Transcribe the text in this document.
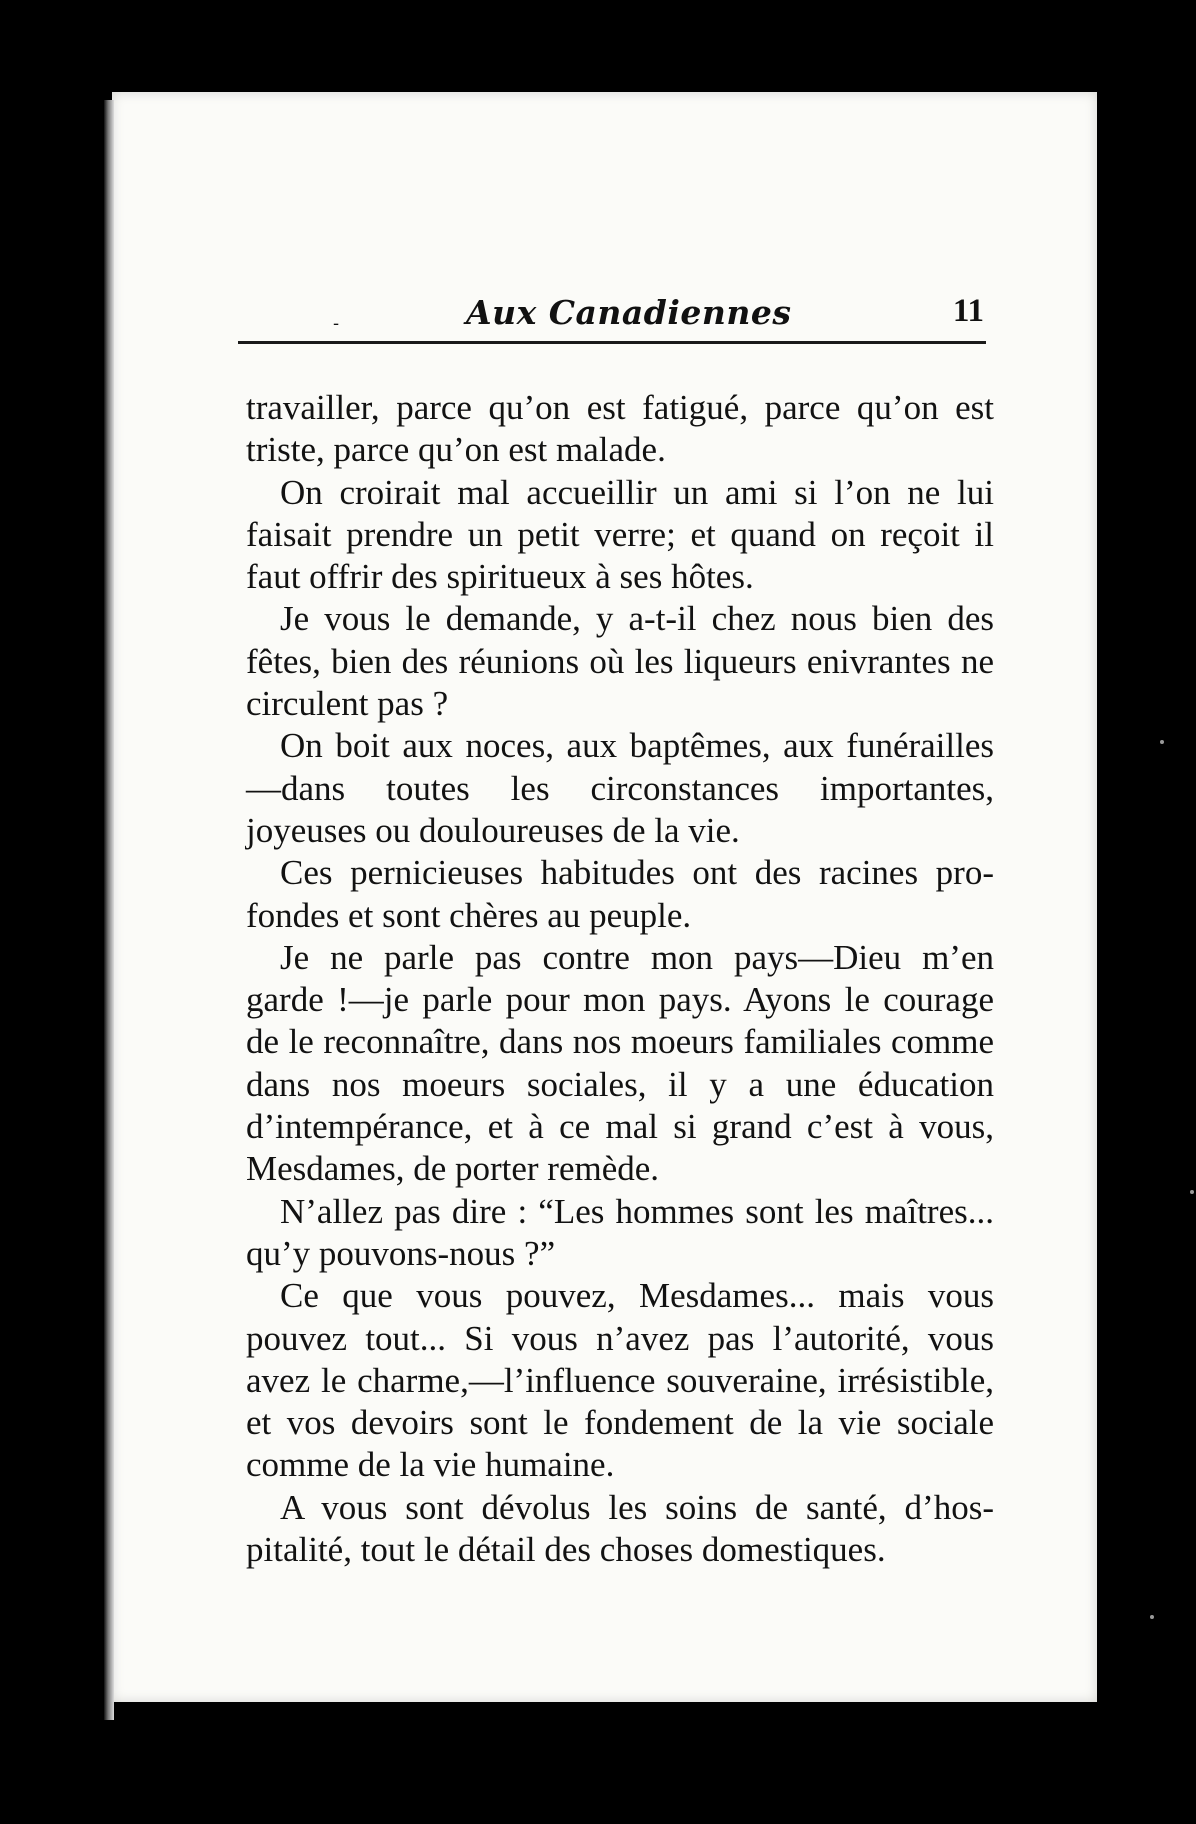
-	Aux Canadiennes	11

travailler, parce qu’on est fatigué, parce qu’on est triste, parce qu’on est malade.

On croirait mal accueillir un ami si l’on ne lui faisait prendre un petit verre; et quand on reçoit il faut offrir des spiritueux à ses hôtes.

Je vous le demande, y a-t-il chez nous bien des fêtes, bien des réunions où les liqueurs enivrantes ne circulent pas ?

On boit aux noces, aux baptêmes, aux funérailles—dans toutes les circonstances importantes, joyeuses ou douloureuses de la vie.

Ces pernicieuses habitudes ont des racines profondes et sont chères au peuple.

Je ne parle pas contre mon pays—Dieu m’en garde !—je parle pour mon pays. Ayons le courage de le reconnaître, dans nos moeurs familiales comme dans nos moeurs sociales, il y a une éducation d’intempérance, et à ce mal si grand c’est à vous, Mesdames, de porter remède.

N’allez pas dire : “Les hommes sont les maîtres... qu’y pouvons-nous ?”

Ce que vous pouvez, Mesdames... mais vous pouvez tout... Si vous n’avez pas l’autorité, vous avez le charme,—l’influence souveraine, irrésistible, et vos devoirs sont le fondement de la vie sociale comme de la vie humaine.

A vous sont dévolus les soins de santé, d’hospitalité, tout le détail des choses domestiques.
